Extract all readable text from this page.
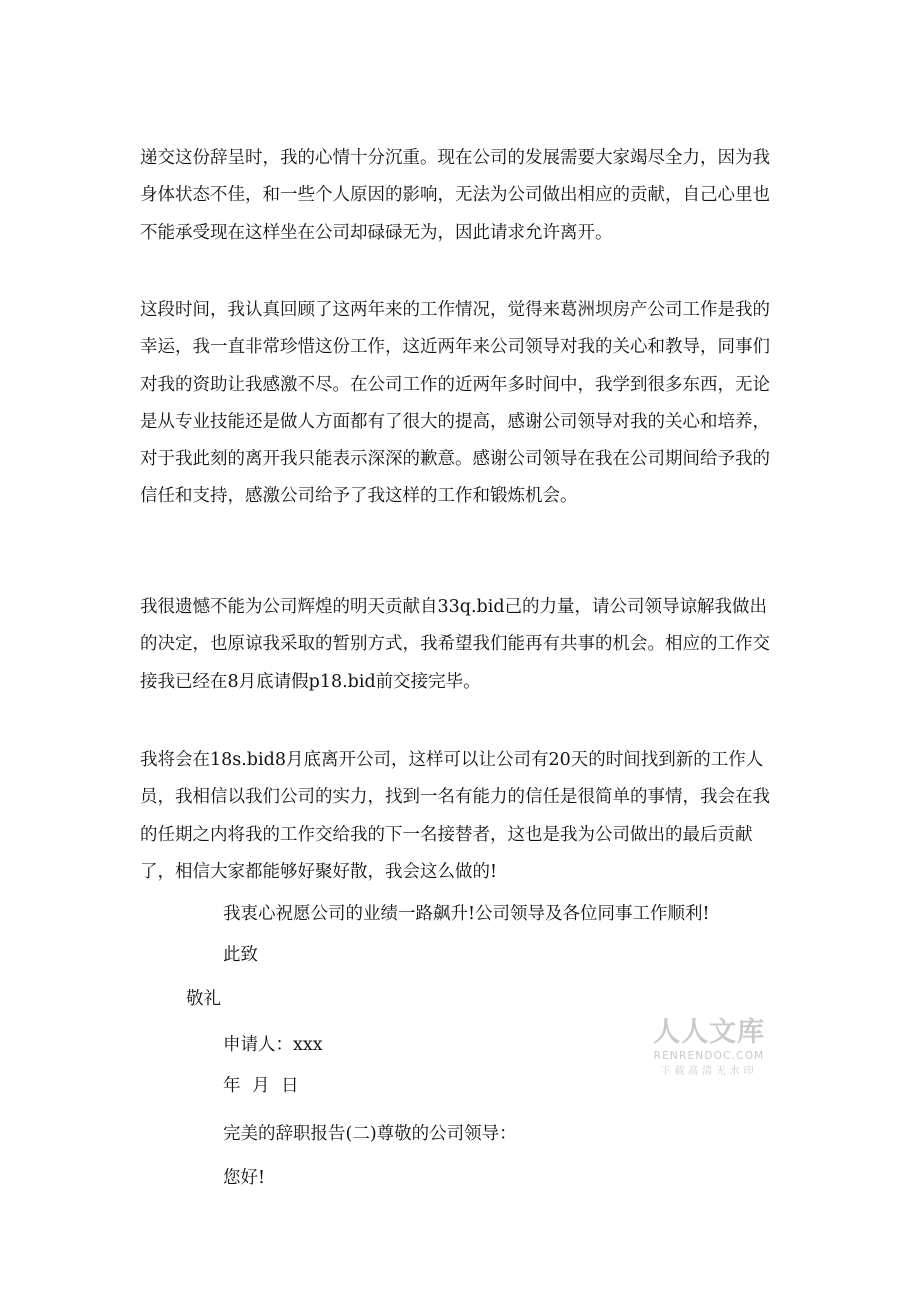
递交这份辞呈时，我的心情十分沉重。现在公司的发展需要大家竭尽全力，因为我身体状态不佳，和一些个人原因的影响，无法为公司做出相应的贡献，自己心里也不能承受现在这样坐在公司却碌碌无为，因此请求允许离开。

这段时间，我认真回顾了这两年来的工作情况，觉得来葛洲坝房产公司工作是我的幸运，我一直非常珍惜这份工作，这近两年来公司领导对我的关心和教导，同事们对我的资助让我感激不尽。在公司工作的近两年多时间中，我学到很多东西，无论是从专业技能还是做人方面都有了很大的提高，感谢公司领导对我的关心和培养，对于我此刻的离开我只能表示深深的歉意。感谢公司领导在我在公司期间给予我的信任和支持，感激公司给予了我这样的工作和锻炼机会。

我很遗憾不能为公司辉煌的明天贡献自33q.bid己的力量，请公司领导谅解我做出的决定，也原谅我采取的暂别方式，我希望我们能再有共事的机会。相应的工作交接我已经在8月底请假p18.bid前交接完毕。

我将会在18s.bid8月底离开公司，这样可以让公司有20天的时间找到新的工作人员，我相信以我们公司的实力，找到一名有能力的信任是很简单的事情，我会在我的任期之内将我的工作交给我的下一名接替者，这也是我为公司做出的最后贡献了，相信大家都能够好聚好散，我会这么做的!

我衷心祝愿公司的业绩一路飙升!公司领导及各位同事工作顺利!

此致

敬礼

申请人：xxx

年 月 日

完美的辞职报告(二)尊敬的公司领导：

您好!

人人文库
RENRENDOC.COM
下载高清无水印
